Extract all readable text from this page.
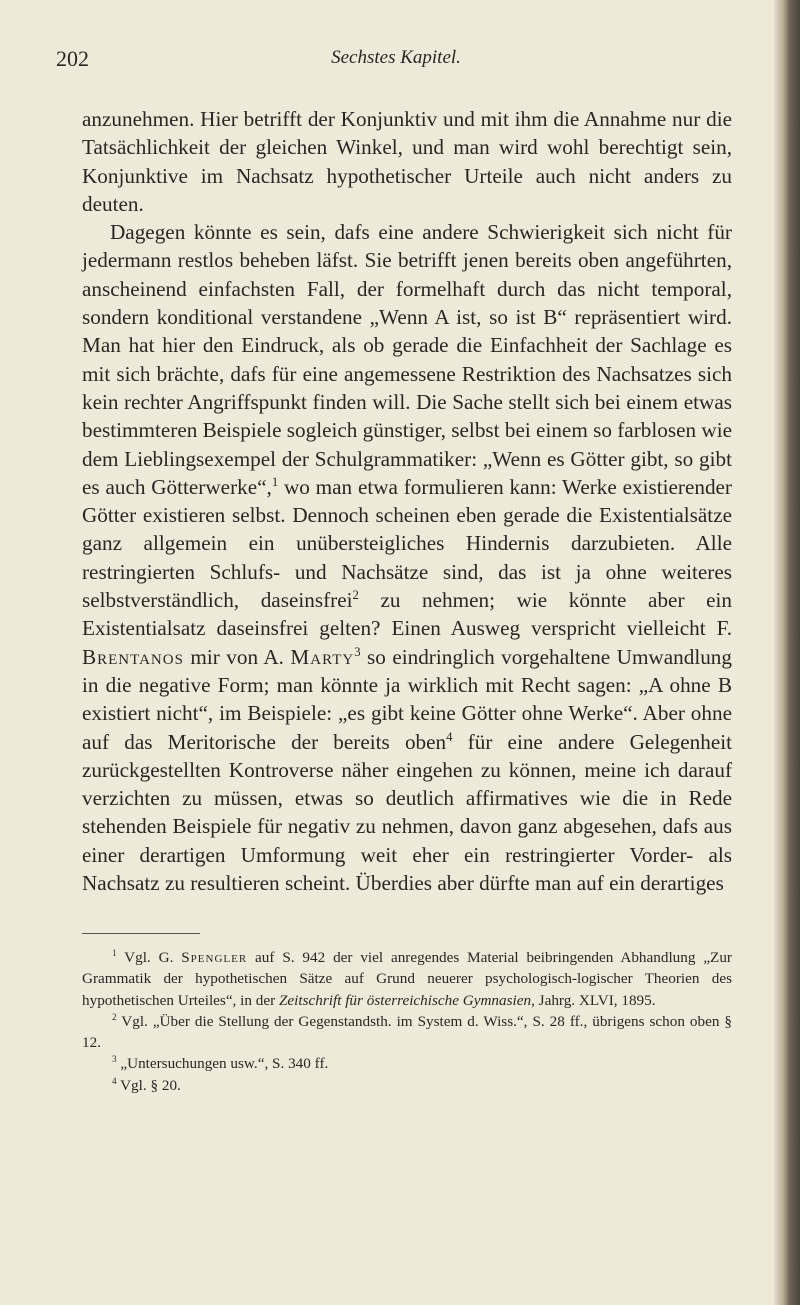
202	Sechstes Kapitel.

anzunehmen. Hier betrifft der Konjunktiv und mit ihm die Annahme nur die Tatsächlichkeit der gleichen Winkel, und man wird wohl berechtigt sein, Konjunktive im Nachsatz hypothetischer Urteile auch nicht anders zu deuten.

Dagegen könnte es sein, dafs eine andere Schwierigkeit sich nicht für jedermann restlos beheben läfst. Sie betrifft jenen bereits oben angeführten, anscheinend einfachsten Fall, der formelhaft durch das nicht temporal, sondern konditional verstandene „Wenn A ist, so ist B“ repräsentiert wird. Man hat hier den Eindruck, als ob gerade die Einfachheit der Sachlage es mit sich brächte, dafs für eine angemessene Restriktion des Nachsatzes sich kein rechter Angriffspunkt finden will. Die Sache stellt sich bei einem etwas bestimmteren Beispiele sogleich günstiger, selbst bei einem so farblosen wie dem Lieblingsexempel der Schulgrammatiker: „Wenn es Götter gibt, so gibt es auch Götterwerke“,$^1$ wo man etwa formulieren kann: Werke existierender Götter existieren selbst. Dennoch scheinen eben gerade die Existentialsätze ganz allgemein ein unübersteigliches Hindernis darzubieten. Alle restringierten Schlufs- und Nachsätze sind, das ist ja ohne weiteres selbstverständlich, daseinsfrei$^2$ zu nehmen; wie könnte aber ein Existentialsatz daseinsfrei gelten? Einen Ausweg verspricht vielleicht F. Brentanos mir von A. Marty$^3$ so eindringlich vorgehaltene Umwandlung in die negative Form; man könnte ja wirklich mit Recht sagen: „A ohne B existiert nicht“, im Beispiele: „es gibt keine Götter ohne Werke“. Aber ohne auf das Meritorische der bereits oben$^4$ für eine andere Gelegenheit zurückgestellten Kontroverse näher eingehen zu können, meine ich darauf verzichten zu müssen, etwas so deutlich affirmatives wie die in Rede stehenden Beispiele für negativ zu nehmen, davon ganz abgesehen, dafs aus einer derartigen Umformung weit eher ein restringierter Vorder- als Nachsatz zu resultieren scheint. Überdies aber dürfte man auf ein derartiges

$^1$ Vgl. G. Spengler auf S. 942 der viel anregendes Material beibringenden Abhandlung „Zur Grammatik der hypothetischen Sätze auf Grund neuerer psychologisch-logischer Theorien des hypothetischen Urteiles“, in der Zeitschrift für österreichische Gymnasien, Jahrg. XLVI, 1895.

$^2$ Vgl. „Über die Stellung der Gegenstandsth. im System d. Wiss.“, S. 28 ff., übrigens schon oben § 12.

$^3$ „Untersuchungen usw.“, S. 340 ff.

$^4$ Vgl. § 20.
